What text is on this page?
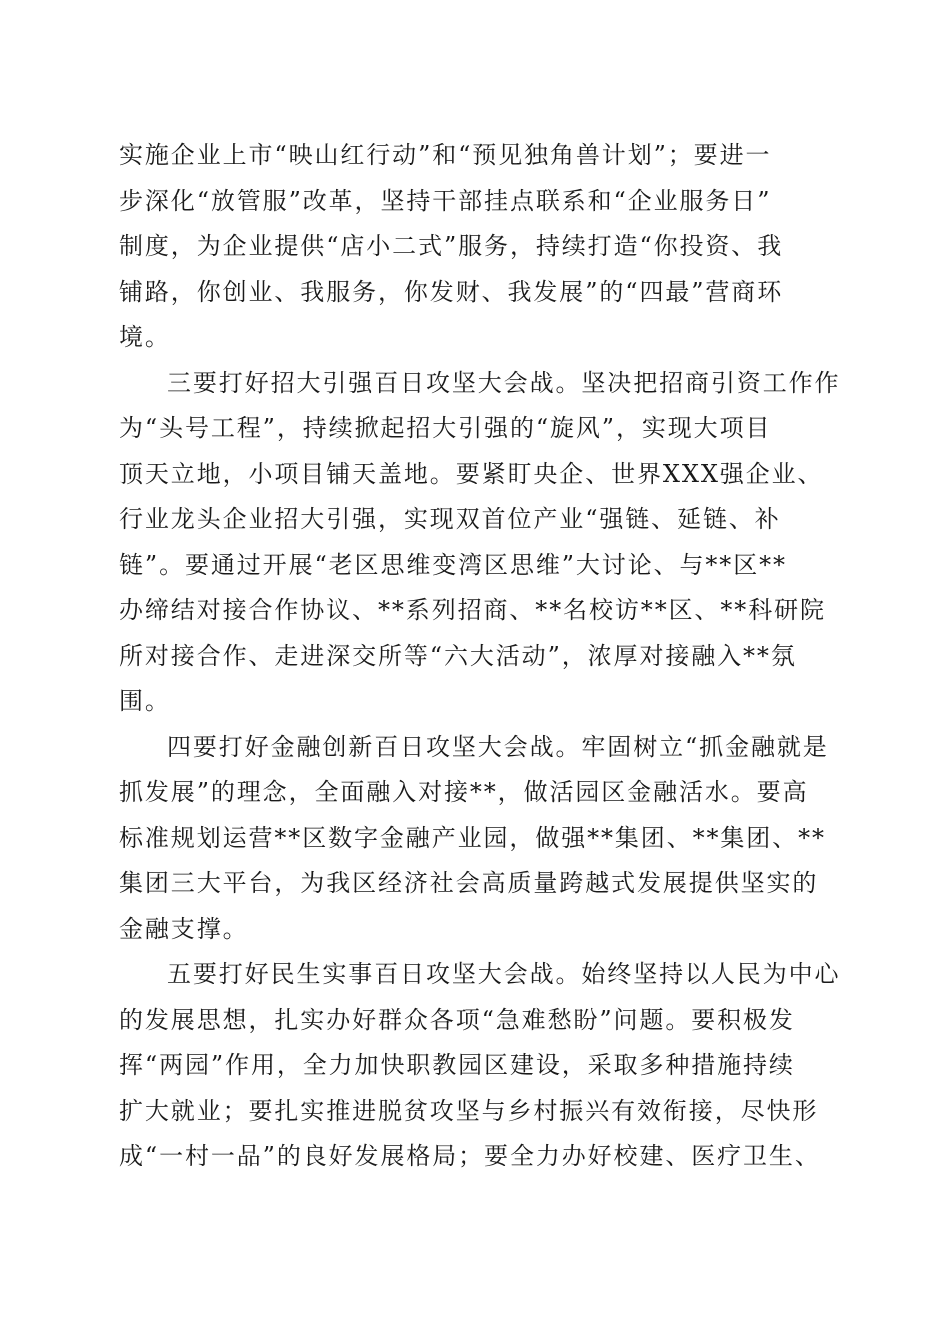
实施企业上市“映山红行动”和“预见独角兽计划”；要进一
步深化“放管服”改革，坚持干部挂点联系和“企业服务日”
制度，为企业提供“店小二式”服务，持续打造“你投资、我
铺路，你创业、我服务，你发财、我发展”的“四最”营商环
境。

三要打好招大引强百日攻坚大会战。坚决把招商引资工作作
为“头号工程”，持续掀起招大引强的“旋风”，实现大项目
顶天立地，小项目铺天盖地。要紧盯央企、世界XXX强企业、
行业龙头企业招大引强，实现双首位产业“强链、延链、补
链”。要通过开展“老区思维变湾区思维”大讨论、与**区**
办缔结对接合作协议、**系列招商、**名校访**区、**科研院
所对接合作、走进深交所等“六大活动”，浓厚对接融入**氛
围。

四要打好金融创新百日攻坚大会战。牢固树立“抓金融就是
抓发展”的理念，全面融入对接**，做活园区金融活水。要高
标准规划运营**区数字金融产业园，做强**集团、**集团、**
集团三大平台，为我区经济社会高质量跨越式发展提供坚实的
金融支撑。

五要打好民生实事百日攻坚大会战。始终坚持以人民为中心
的发展思想，扎实办好群众各项“急难愁盼”问题。要积极发
挥“两园”作用，全力加快职教园区建设，采取多种措施持续
扩大就业；要扎实推进脱贫攻坚与乡村振兴有效衔接，尽快形
成“一村一品”的良好发展格局；要全力办好校建、医疗卫生、
